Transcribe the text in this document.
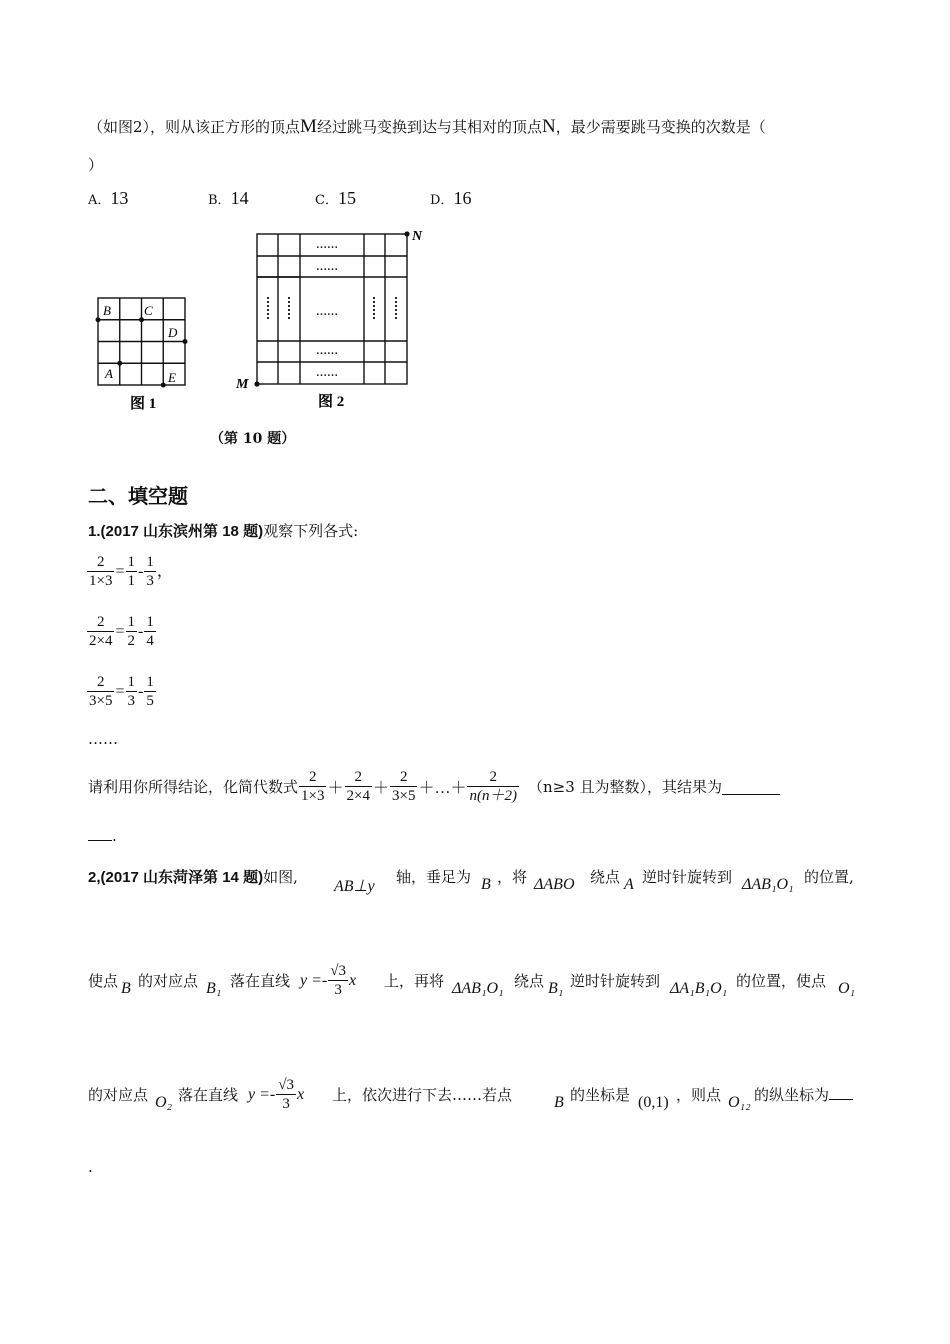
（如图2），则从该正方形的顶点M经过跳马变换到达与其相对的顶点N，最少需要跳马变换的次数是（
）
A．13	B．14	C．15	D．16
B	C
D
A	E
图 1
……
……
……
……
……
N
M
图 2
（第 10 题）
二、填空题
1.(2017 山东滨州第 18 题)观察下列各式:
$\frac{2}{1\times 3} = \frac{1}{1} - \frac{1}{3}$ ，
$\frac{2}{2\times 4} = \frac{1}{2} - \frac{1}{4}$
$\frac{2}{3\times 5} = \frac{1}{3} - \frac{1}{5}$
……
请利用你所得结论，化简代数式 $\frac{2}{1\times 3} + \frac{2}{2\times 4} + \frac{2}{3\times 5}$ ＋…＋ $\frac{2}{n(n+2)} (n\ge 3$ 且为整数），其结果为
.
2,(2017 山东菏泽第 14 题)如图,
AB⊥y
轴，垂足为 B ，将 ΔABO 绕点 A 逆时针旋转到 ΔAB₁O₁ 的位置,
使点 B 的对应点 B₁ 落在直线 $y =- \frac{√3}{3}$ x 上，再将 ΔAB₁O₁ 绕点 B₁ 逆时针旋转到 ΔA₁B₁O₁ 的位置，使点 O₁
的对应点 O₂ 落在直线 $y =- \frac{√3}{3}$ x 上，依次进行下去……若点	B 的坐标是 (0,1) ，则点 O₁₂ 的纵坐标为
.
